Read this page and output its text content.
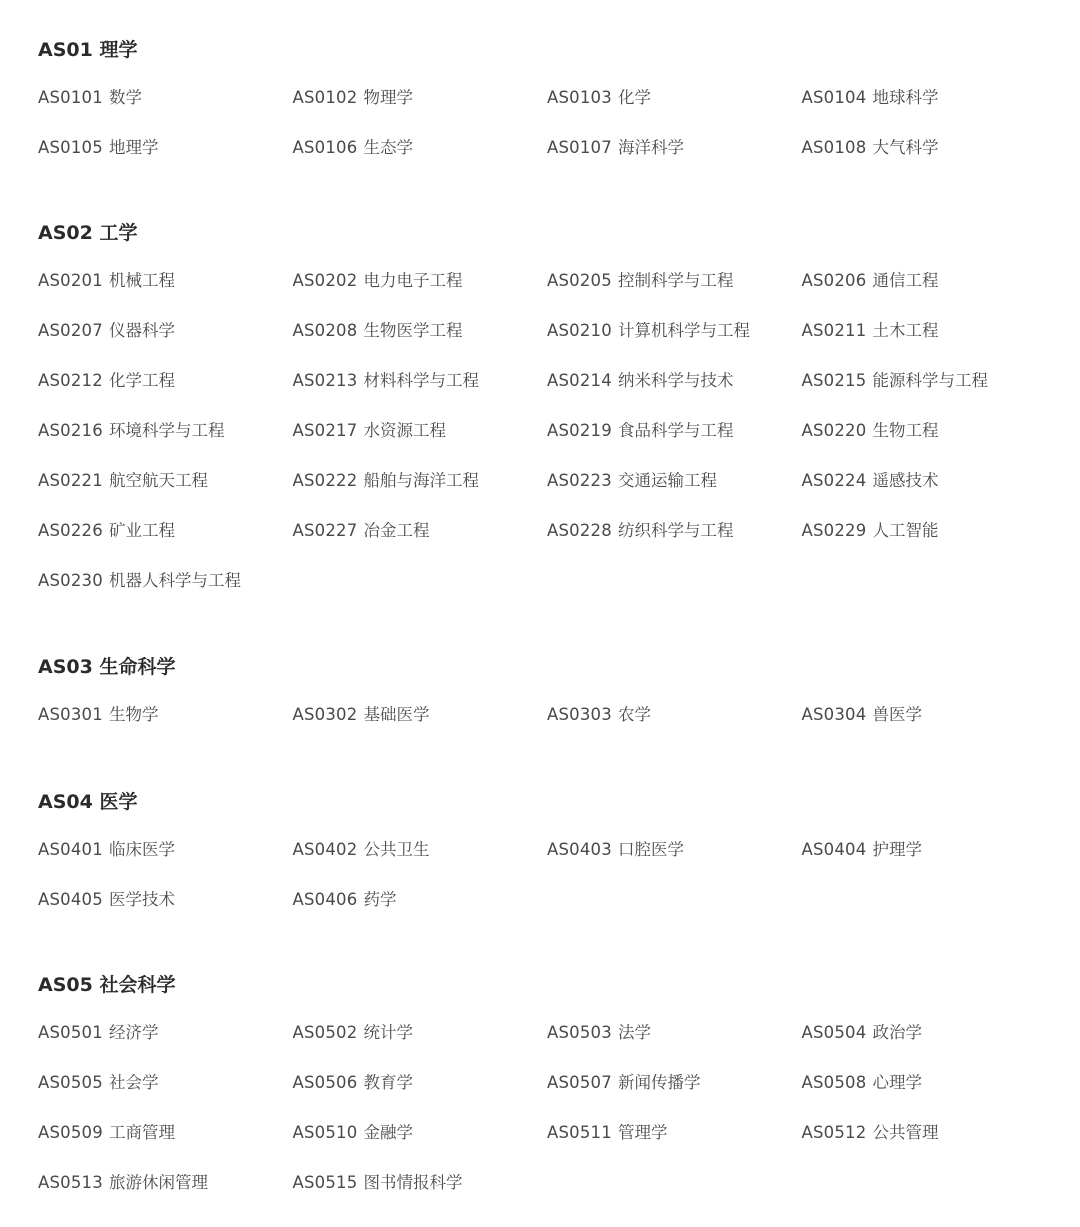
AS01 理学
AS0101 数学	AS0102 物理学	AS0103 化学	AS0104 地球科学
AS0105 地理学	AS0106 生态学	AS0107 海洋科学	AS0108 大气科学
AS02 工学
AS0201 机械工程	AS0202 电力电子工程	AS0205 控制科学与工程	AS0206 通信工程
AS0207 仪器科学	AS0208 生物医学工程	AS0210 计算机科学与工程	AS0211 土木工程
AS0212 化学工程	AS0213 材料科学与工程	AS0214 纳米科学与技术	AS0215 能源科学与工程
AS0216 环境科学与工程	AS0217 水资源工程	AS0219 食品科学与工程	AS0220 生物工程
AS0221 航空航天工程	AS0222 船舶与海洋工程	AS0223 交通运输工程	AS0224 遥感技术
AS0226 矿业工程	AS0227 冶金工程	AS0228 纺织科学与工程	AS0229 人工智能
AS0230 机器人科学与工程
AS03 生命科学
AS0301 生物学	AS0302 基础医学	AS0303 农学	AS0304 兽医学
AS04 医学
AS0401 临床医学	AS0402 公共卫生	AS0403 口腔医学	AS0404 护理学
AS0405 医学技术	AS0406 药学
AS05 社会科学
AS0501 经济学	AS0502 统计学	AS0503 法学	AS0504 政治学
AS0505 社会学	AS0506 教育学	AS0507 新闻传播学	AS0508 心理学
AS0509 工商管理	AS0510 金融学	AS0511 管理学	AS0512 公共管理
AS0513 旅游休闲管理	AS0515 图书情报科学
